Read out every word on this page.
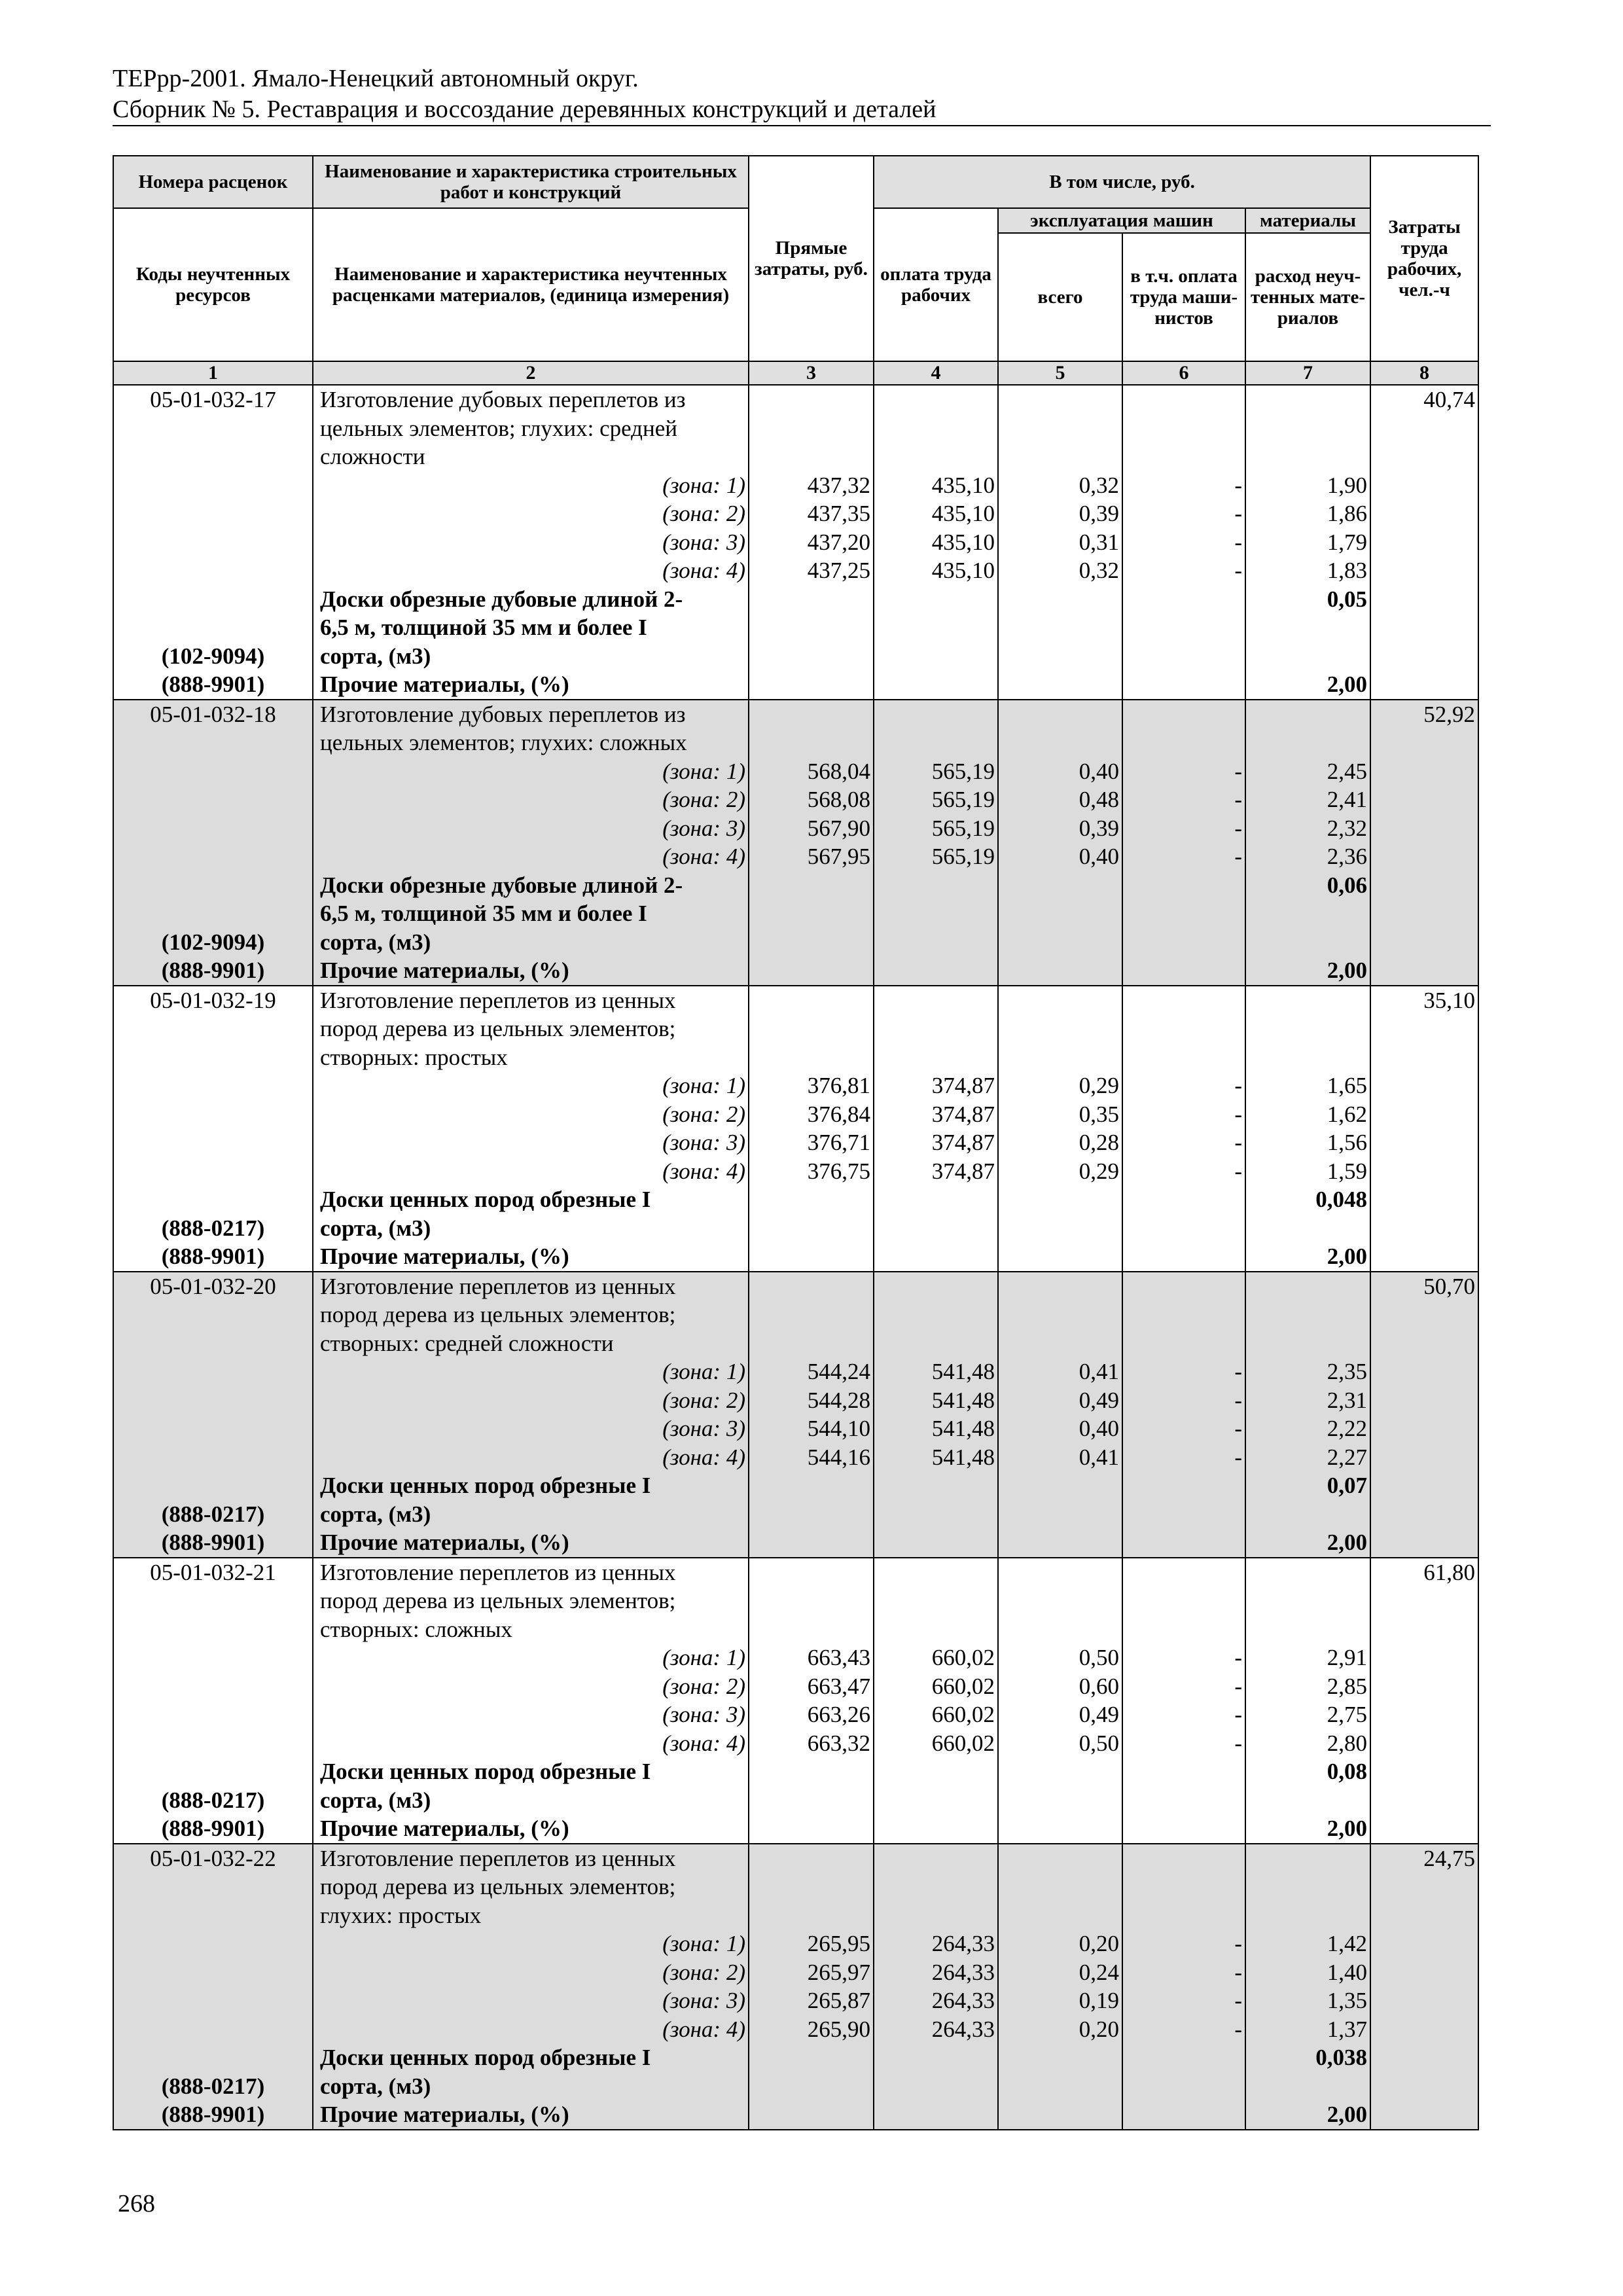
ТЕРрр-2001. Ямало-Ненецкий автономный округ.
Сборник № 5. Реставрация и воссоздание деревянных конструкций и деталей
Номера расценок	Наименование и характеристика строительных работ и конструкций	Прямые затраты, руб.	В том числе, руб.				Затраты труда рабочих, чел.-ч
Коды неучтенных ресурсов	Наименование и характеристика неучтенных расценками материалов, (единица измерения)		оплата труда рабочих	эксплуатация машин		материалы	
				всего	в т.ч. оплата труда маши-нистов	расход неуч-тенных мате-риалов	
1	2	3	4	5	6	7	8
05-01-032-17	Изготовление дубовых переплетов из						40,74
	цельных элементов; глухих: средней						
	сложности						
	(зона: 1)	437,32	435,10	0,32	-	1,90	
	(зона: 2)	437,35	435,10	0,39	-	1,86	
	(зона: 3)	437,20	435,10	0,31	-	1,79	
	(зона: 4)	437,25	435,10	0,32	-	1,83	
	Доски обрезные дубовые длиной 2-					0,05	
	6,5 м, толщиной 35 мм и более I						
(102-9094)	сорта, (м3)						
(888-9901)	Прочие материалы, (%)					2,00	
05-01-032-18	Изготовление дубовых переплетов из						52,92
	цельных элементов; глухих: сложных						
	(зона: 1)	568,04	565,19	0,40	-	2,45	
	(зона: 2)	568,08	565,19	0,48	-	2,41	
	(зона: 3)	567,90	565,19	0,39	-	2,32	
	(зона: 4)	567,95	565,19	0,40	-	2,36	
	Доски обрезные дубовые длиной 2-					0,06	
	6,5 м, толщиной 35 мм и более I						
(102-9094)	сорта, (м3)						
(888-9901)	Прочие материалы, (%)					2,00	
05-01-032-19	Изготовление переплетов из ценных						35,10
	пород дерева из цельных элементов;						
	створных: простых						
	(зона: 1)	376,81	374,87	0,29	-	1,65	
	(зона: 2)	376,84	374,87	0,35	-	1,62	
	(зона: 3)	376,71	374,87	0,28	-	1,56	
	(зона: 4)	376,75	374,87	0,29	-	1,59	
	Доски ценных пород обрезные I					0,048	
(888-0217)	сорта, (м3)						
(888-9901)	Прочие материалы, (%)					2,00	
05-01-032-20	Изготовление переплетов из ценных						50,70
	пород дерева из цельных элементов;						
	створных: средней сложности						
	(зона: 1)	544,24	541,48	0,41	-	2,35	
	(зона: 2)	544,28	541,48	0,49	-	2,31	
	(зона: 3)	544,10	541,48	0,40	-	2,22	
	(зона: 4)	544,16	541,48	0,41	-	2,27	
	Доски ценных пород обрезные I					0,07	
(888-0217)	сорта, (м3)						
(888-9901)	Прочие материалы, (%)					2,00	
05-01-032-21	Изготовление переплетов из ценных						61,80
	пород дерева из цельных элементов;						
	створных: сложных						
	(зона: 1)	663,43	660,02	0,50	-	2,91	
	(зона: 2)	663,47	660,02	0,60	-	2,85	
	(зона: 3)	663,26	660,02	0,49	-	2,75	
	(зона: 4)	663,32	660,02	0,50	-	2,80	
	Доски ценных пород обрезные I					0,08	
(888-0217)	сорта, (м3)						
(888-9901)	Прочие материалы, (%)					2,00	
05-01-032-22	Изготовление переплетов из ценных						24,75
	пород дерева из цельных элементов;						
	глухих: простых						
	(зона: 1)	265,95	264,33	0,20	-	1,42	
	(зона: 2)	265,97	264,33	0,24	-	1,40	
	(зона: 3)	265,87	264,33	0,19	-	1,35	
	(зона: 4)	265,90	264,33	0,20	-	1,37	
	Доски ценных пород обрезные I					0,038	
(888-0217)	сорта, (м3)						
(888-9901)	Прочие материалы, (%)					2,00	
268
